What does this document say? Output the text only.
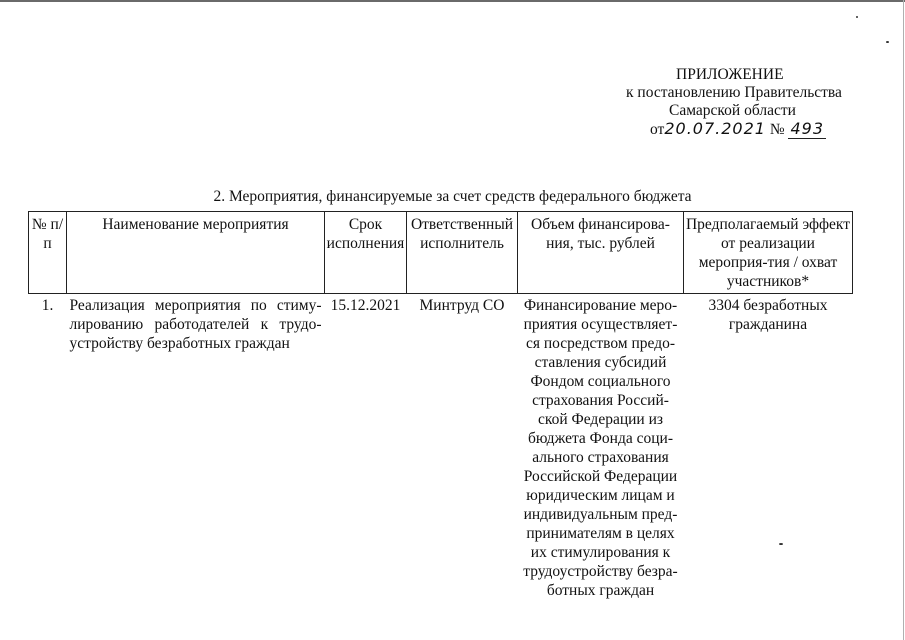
ПРИЛОЖЕНИЕ
к постановлению Правительства
Самарской области
от20.07.2021 № 493
2. Мероприятия, финансируемые за счет средств федерального бюджета
№ п/п	Наименование мероприятия	Срок исполнения	Ответственный исполнитель	Объем финансирова-ния, тыс. рублей	Предполагаемый эффект от реализации мероприя-тия / охват участников*
1.	Реализация мероприятия по стиму-лированию работодателей к трудо-устройству безработных граждан	15.12.2021	Минтруд СО	Финансирование меро-приятия осуществляет-ся посредством предо-ставления субсидий Фондом социального страхования Россий-ской Федерации из бюджета Фонда соци-ального страхования Российской Федерации юридическим лицам и индивидуальным пред-принимателям в целях их стимулирования к трудоустройству безра-ботных граждан	3304 безработных гражданина
